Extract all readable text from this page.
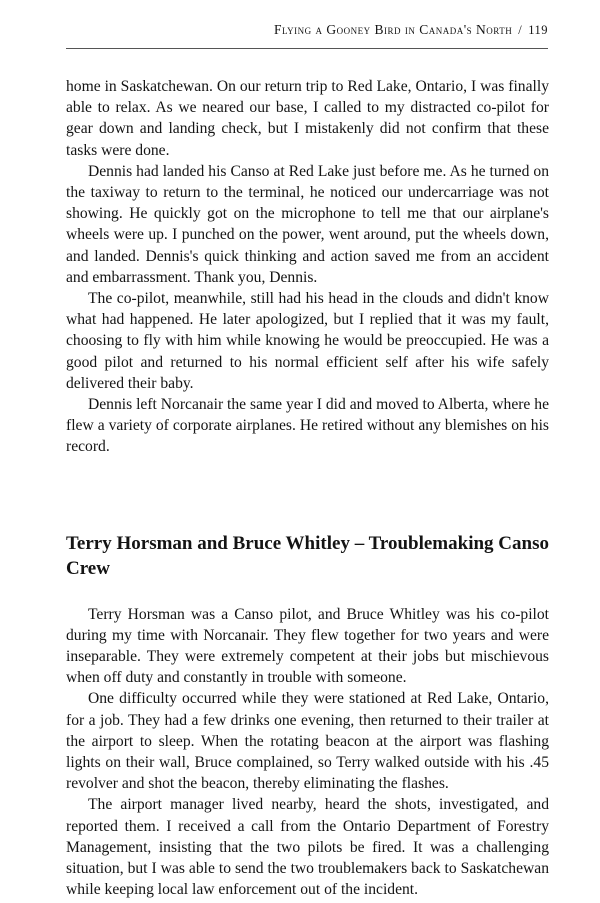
Flying a Gooney Bird in Canada's North / 119

home in Saskatchewan. On our return trip to Red Lake, Ontario, I was finally able to relax. As we neared our base, I called to my distracted co-pilot for gear down and landing check, but I mistakenly did not confirm that these tasks were done.

Dennis had landed his Canso at Red Lake just before me. As he turned on the taxiway to return to the terminal, he noticed our undercarriage was not showing. He quickly got on the microphone to tell me that our airplane's wheels were up. I punched on the power, went around, put the wheels down, and landed. Dennis's quick thinking and action saved me from an accident and embarrassment. Thank you, Dennis.

The co-pilot, meanwhile, still had his head in the clouds and didn't know what had happened. He later apologized, but I replied that it was my fault, choosing to fly with him while knowing he would be preoccupied. He was a good pilot and returned to his normal efficient self after his wife safely delivered their baby.

Dennis left Norcanair the same year I did and moved to Alberta, where he flew a variety of corporate airplanes. He retired without any blemishes on his record.

Terry Horsman and Bruce Whitley – Troublemaking Canso Crew

Terry Horsman was a Canso pilot, and Bruce Whitley was his co-pilot during my time with Norcanair. They flew together for two years and were inseparable. They were extremely competent at their jobs but mischievous when off duty and constantly in trouble with someone.

One difficulty occurred while they were stationed at Red Lake, Ontario, for a job. They had a few drinks one evening, then returned to their trailer at the airport to sleep. When the rotating beacon at the airport was flashing lights on their wall, Bruce complained, so Terry walked outside with his .45 revolver and shot the beacon, thereby eliminating the flashes.

The airport manager lived nearby, heard the shots, investigated, and reported them. I received a call from the Ontario Department of Forestry Management, insisting that the two pilots be fired. It was a challenging situation, but I was able to send the two troublemakers back to Saskatchewan while keeping local law enforcement out of the incident.
